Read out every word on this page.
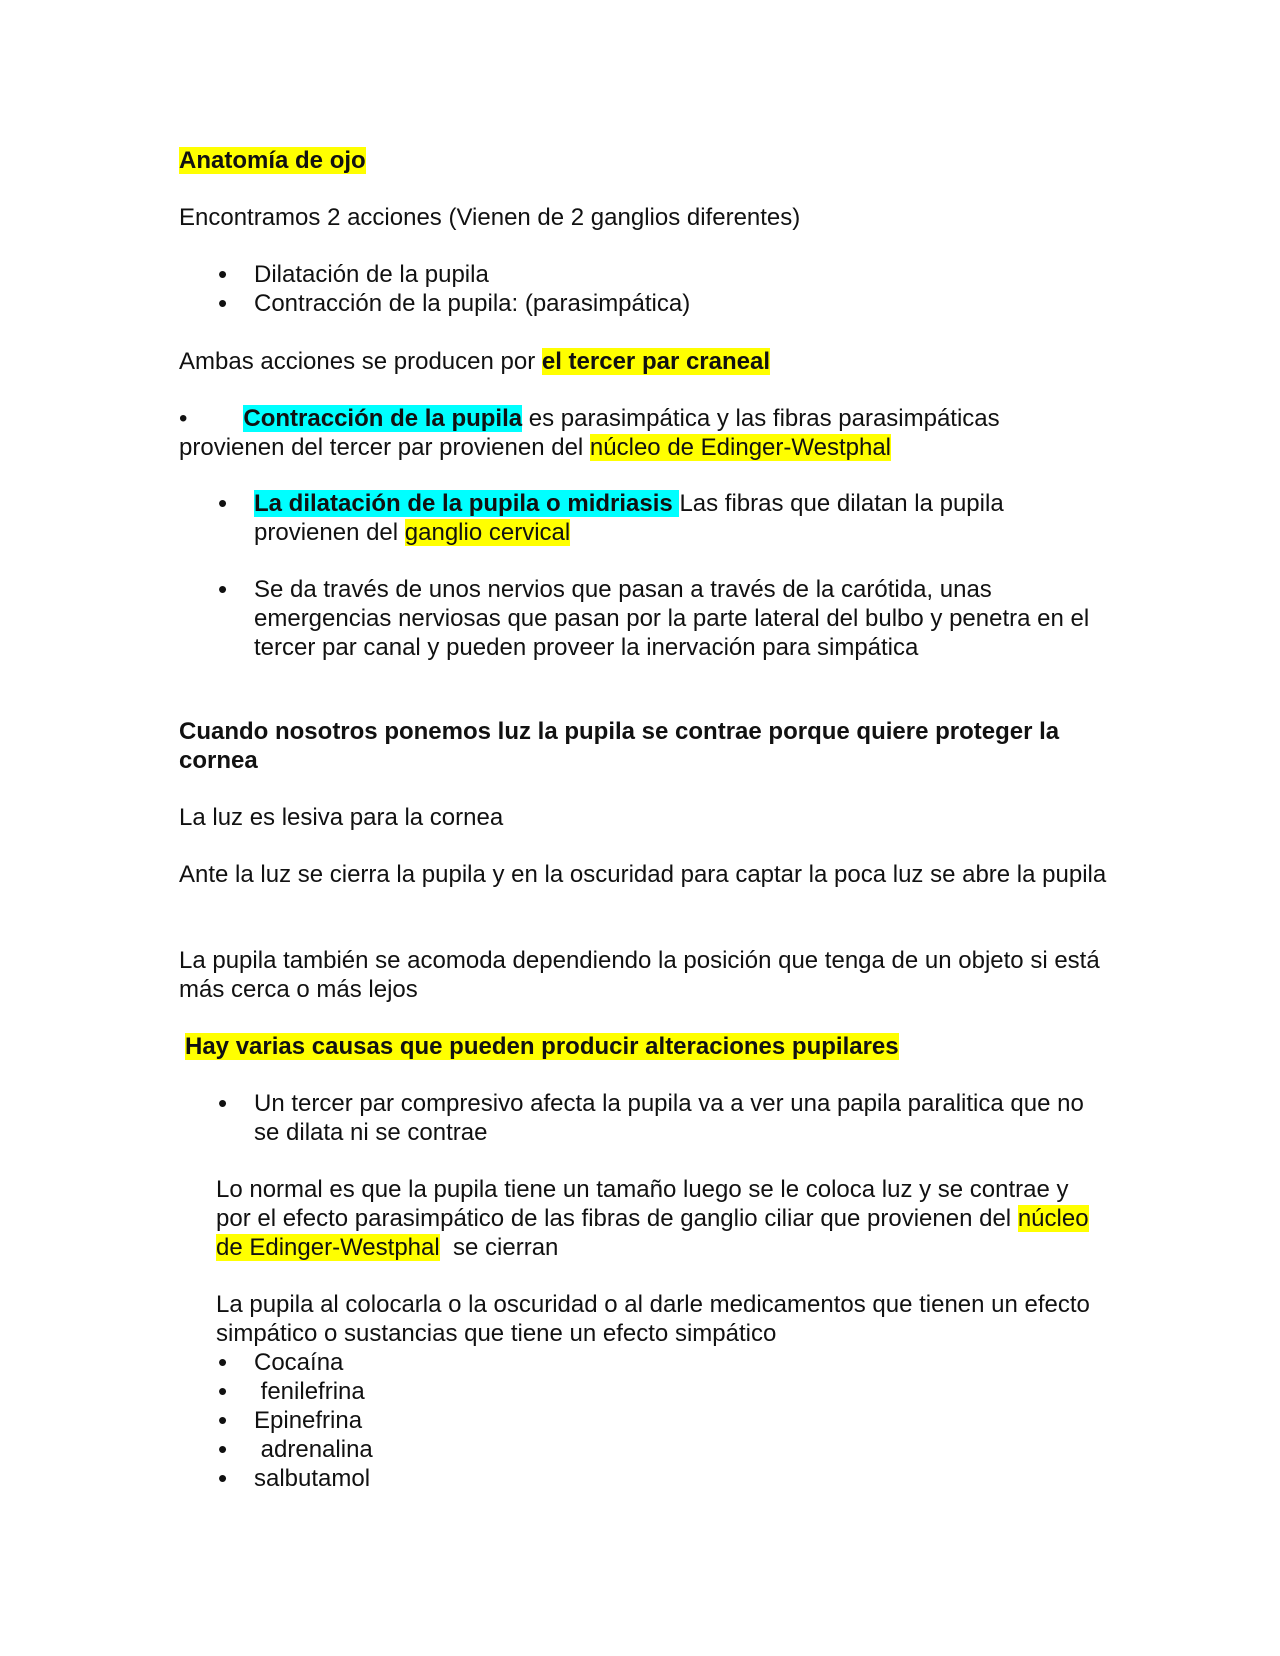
Anatomía de ojo

Encontramos 2 acciones (Vienen de 2 ganglios diferentes)

• Dilatación de la pupila
• Contracción de la pupila: (parasimpática)

Ambas acciones se producen por el tercer par craneal

• Contracción de la pupila es parasimpática y las fibras parasimpáticas provienen del tercer par provienen del núcleo de Edinger-Westphal

• La dilatación de la pupila o midriasis Las fibras que dilatan la pupila provienen del ganglio cervical
• Se da través de unos nervios que pasan a través de la carótida, unas emergencias nerviosas que pasan por la parte lateral del bulbo y penetra en el tercer par canal y pueden proveer la inervación para simpática

Cuando nosotros ponemos luz la pupila se contrae porque quiere proteger la cornea

La luz es lesiva para la cornea

Ante la luz se cierra la pupila y en la oscuridad para captar la poca luz se abre la pupila

La pupila también se acomoda dependiendo la posición que tenga de un objeto si está más cerca o más lejos

Hay varias causas que pueden producir alteraciones pupilares

• Un tercer par compresivo afecta la pupila va a ver una papila paralitica que no se dilata ni se contrae

Lo normal es que la pupila tiene un tamaño luego se le coloca luz y se contrae y por el efecto parasimpático de las fibras de ganglio ciliar que provienen del núcleo de Edinger-Westphal  se cierran

La pupila al colocarla o la oscuridad o al darle medicamentos que tienen un efecto simpático o sustancias que tiene un efecto simpático

• Cocaína
• fenilefrina
• Epinefrina
• adrenalina
• salbutamol
